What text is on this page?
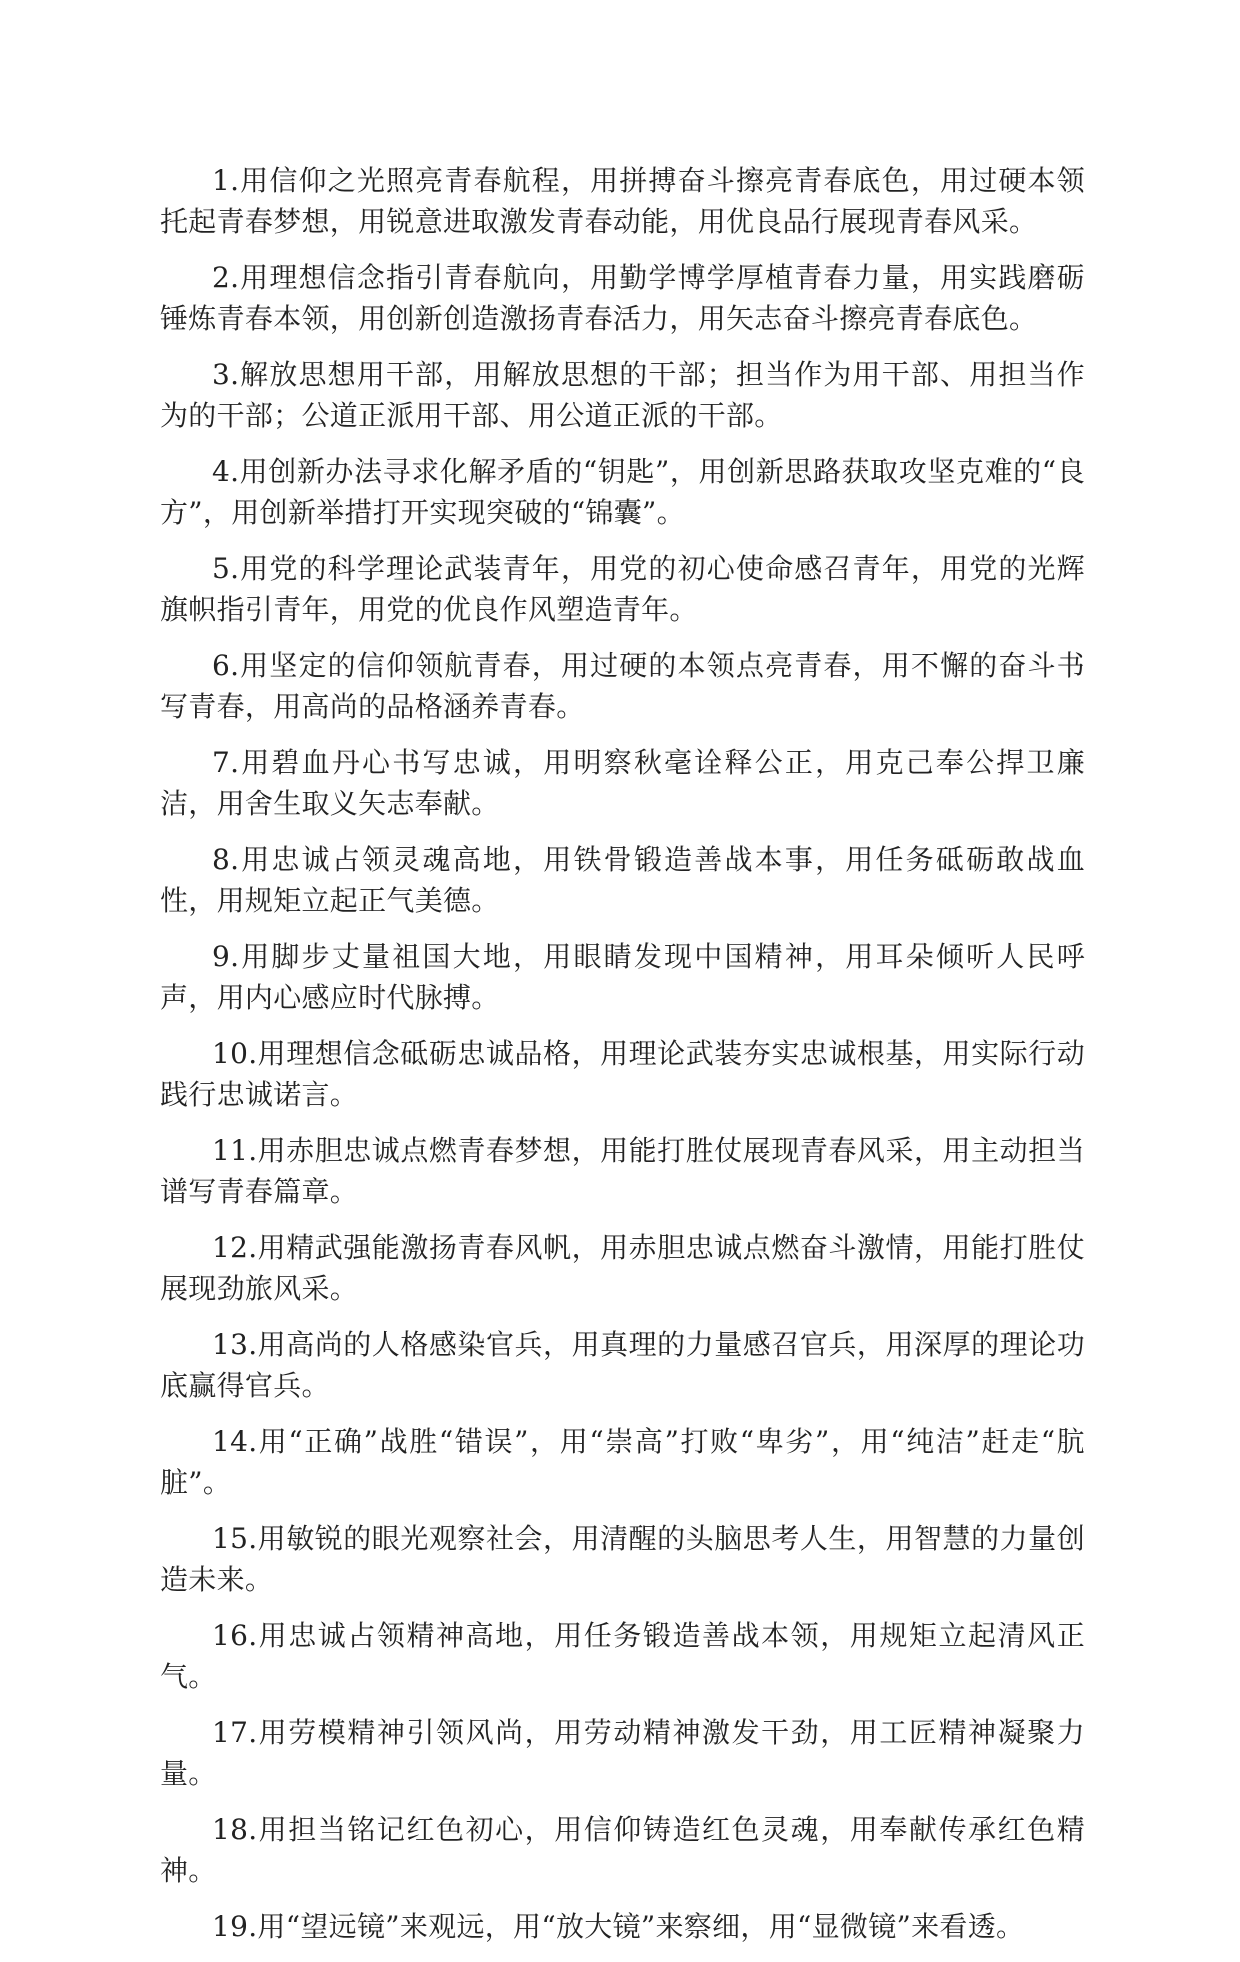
1.用信仰之光照亮青春航程，用拼搏奋斗擦亮青春底色，用过硬本领托起青春梦想，用锐意进取激发青春动能，用优良品行展现青春风采。

2.用理想信念指引青春航向，用勤学博学厚植青春力量，用实践磨砺锤炼青春本领，用创新创造激扬青春活力，用矢志奋斗擦亮青春底色。

3.解放思想用干部，用解放思想的干部；担当作为用干部、用担当作为的干部；公道正派用干部、用公道正派的干部。

4.用创新办法寻求化解矛盾的“钥匙”，用创新思路获取攻坚克难的“良方”，用创新举措打开实现突破的“锦囊”。

5.用党的科学理论武装青年，用党的初心使命感召青年，用党的光辉旗帜指引青年，用党的优良作风塑造青年。

6.用坚定的信仰领航青春，用过硬的本领点亮青春，用不懈的奋斗书写青春，用高尚的品格涵养青春。

7.用碧血丹心书写忠诚，用明察秋毫诠释公正，用克己奉公捍卫廉洁，用舍生取义矢志奉献。

8.用忠诚占领灵魂高地，用铁骨锻造善战本事，用任务砥砺敢战血性，用规矩立起正气美德。

9.用脚步丈量祖国大地，用眼睛发现中国精神，用耳朵倾听人民呼声，用内心感应时代脉搏。

10.用理想信念砥砺忠诚品格，用理论武装夯实忠诚根基，用实际行动践行忠诚诺言。

11.用赤胆忠诚点燃青春梦想，用能打胜仗展现青春风采，用主动担当谱写青春篇章。

12.用精武强能激扬青春风帆，用赤胆忠诚点燃奋斗激情，用能打胜仗展现劲旅风采。

13.用高尚的人格感染官兵，用真理的力量感召官兵，用深厚的理论功底赢得官兵。

14.用“正确”战胜“错误”，用“崇高”打败“卑劣”，用“纯洁”赶走“肮脏”。

15.用敏锐的眼光观察社会，用清醒的头脑思考人生，用智慧的力量创造未来。

16.用忠诚占领精神高地，用任务锻造善战本领，用规矩立起清风正气。

17.用劳模精神引领风尚，用劳动精神激发干劲，用工匠精神凝聚力量。

18.用担当铭记红色初心，用信仰铸造红色灵魂，用奉献传承红色精神。

19.用“望远镜”来观远，用“放大镜”来察细，用“显微镜”来看透。
